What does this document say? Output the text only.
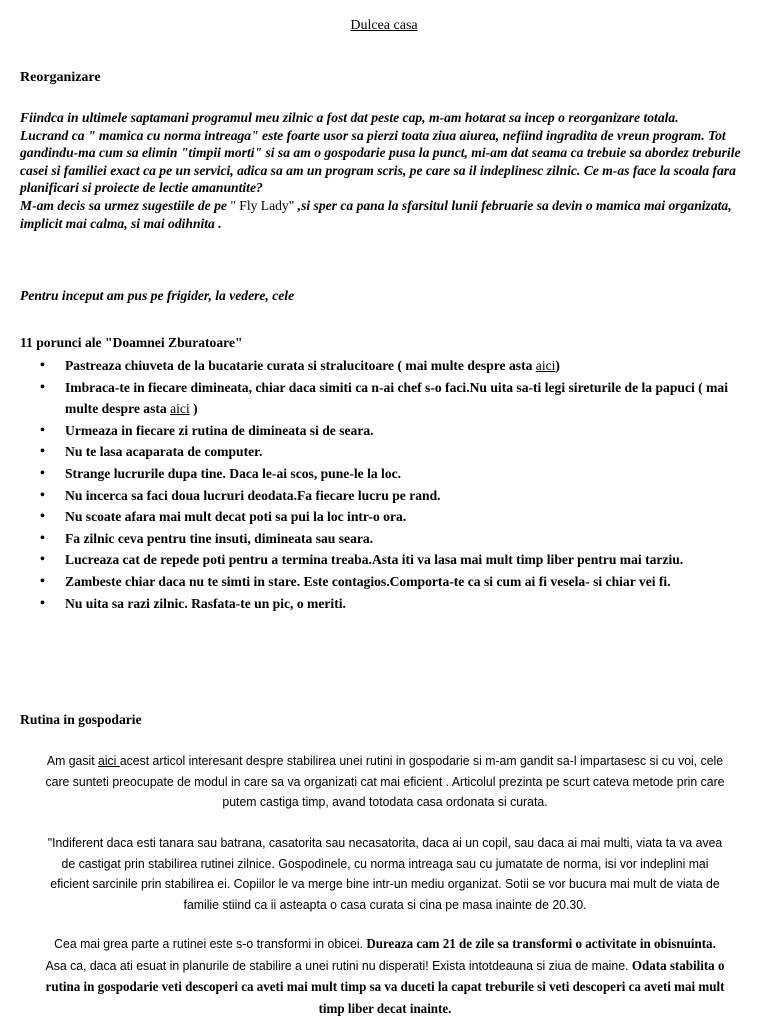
Dulcea casa
Reorganizare

Fiindca in ultimele saptamani programul meu zilnic a fost dat peste cap, m-am hotarat sa incep o reorganizare totala.

Lucrand ca " mamica cu norma intreaga" este foarte usor sa pierzi toata ziua aiurea, nefiind ingradita de vreun program. Tot gandindu-ma cum sa elimin "timpii morti" si sa am o gospodarie pusa la punct, mi-am dat seama ca trebuie sa abordez treburile casei si familiei exact ca pe un servici, adica sa am un program scris, pe care sa il indeplinesc zilnic. Ce m-as face la scoala fara planificari si proiecte de lectie amanuntite?

M-am decis sa urmez sugestiile de pe " Fly Lady" ,si sper ca pana la sfarsitul lunii februarie sa devin o mamica mai organizata, implicit mai calma, si mai odihnita .

Pentru inceput am pus pe frigider, la vedere, cele
11 porunci ale "Doamnei Zburatoare"
• Pastreaza chiuveta de la bucatarie curata si stralucitoare ( mai multe despre asta aici)
• Imbraca-te in fiecare dimineata, chiar daca simiti ca n-ai chef s-o faci.Nu uita sa-ti legi sireturile de la papuci ( mai multe despre asta aici )
• Urmeaza in fiecare zi rutina de dimineata si de seara.
• Nu te lasa acaparata de computer.
• Strange lucrurile dupa tine. Daca le-ai scos, pune-le la loc.
• Nu incerca sa faci doua lucruri deodata.Fa fiecare lucru pe rand.
• Nu scoate afara mai mult decat poti sa pui la loc intr-o ora.
• Fa zilnic ceva pentru tine insuti, dimineata sau seara.
• Lucreaza cat de repede poti pentru a termina treaba.Asta iti va lasa mai mult timp liber pentru mai tarziu.
• Zambeste chiar daca nu te simti in stare. Este contagios.Comporta-te ca si cum ai fi vesela- si chiar vei fi.
• Nu uita sa razi zilnic. Rasfata-te un pic, o meriti.
Rutina in gospodarie

Am gasit aici acest articol interesant despre stabilirea unei rutini in gospodarie si m-am gandit sa-l impartasesc si cu voi, cele care sunteti preocupate de modul in care sa va organizati cat mai eficient . Articolul prezinta pe scurt cateva metode prin care putem castiga timp, avand totodata casa ordonata si curata.

"Indiferent daca esti tanara sau batrana, casatorita sau necasatorita, daca ai un copil, sau daca ai mai multi, viata ta va avea de castigat prin stabilirea rutinei zilnice. Gospodinele, cu norma intreaga sau cu jumatate de norma, isi vor indeplini mai eficient sarcinile prin stabilirea ei. Copiilor le va merge bine intr-un mediu organizat. Sotii se vor bucura mai mult de viata de familie stiind ca ii asteapta o casa curata si cina pe masa inainte de 20.30.

Cea mai grea parte a rutinei este s-o transformi in obicei. Dureaza cam 21 de zile sa transformi o activitate in obisnuinta. Asa ca, daca ati esuat in planurile de stabilire a unei rutini nu disperati! Exista intotdeauna si ziua de maine. Odata stabilita o rutina in gospodarie veti descoperi ca aveti mai mult timp sa va duceti la capat treburile si veti descoperi ca aveti mai mult timp liber decat inainte.
